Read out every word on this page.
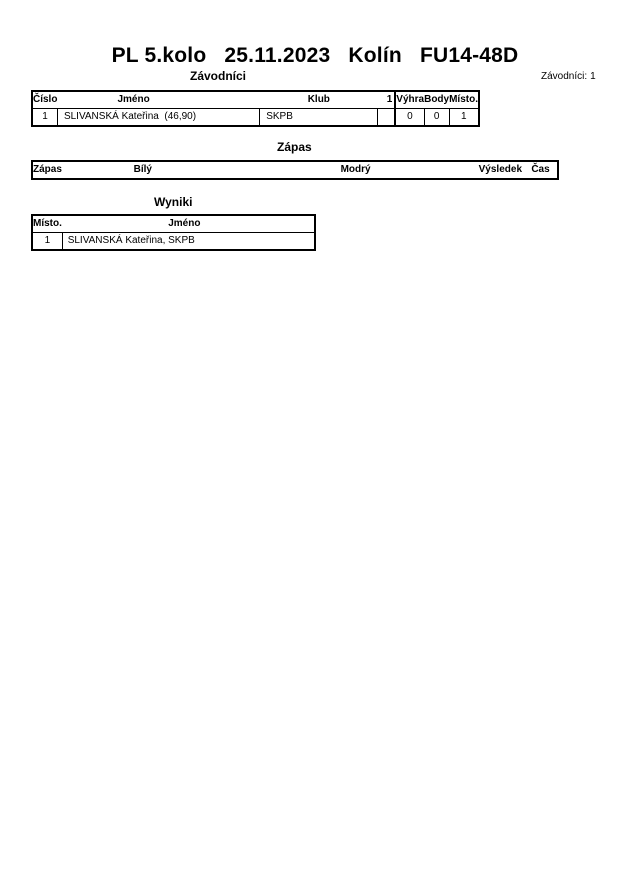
PL 5.kolo 25.11.2023 Kolín FU14-48D
Závodníci	Závodníci: 1
Číslo	Jméno	Klub	1	Výhra	Body	Místo.
1	SLIVANSKÁ Kateřina (46,90)	SKPB		0	0	1
Zápas
Zápas	Bílý	Modrý	Výsledek	Čas
Wyniki
Místo.	Jméno
1	SLIVANSKÁ Kateřina, SKPB
